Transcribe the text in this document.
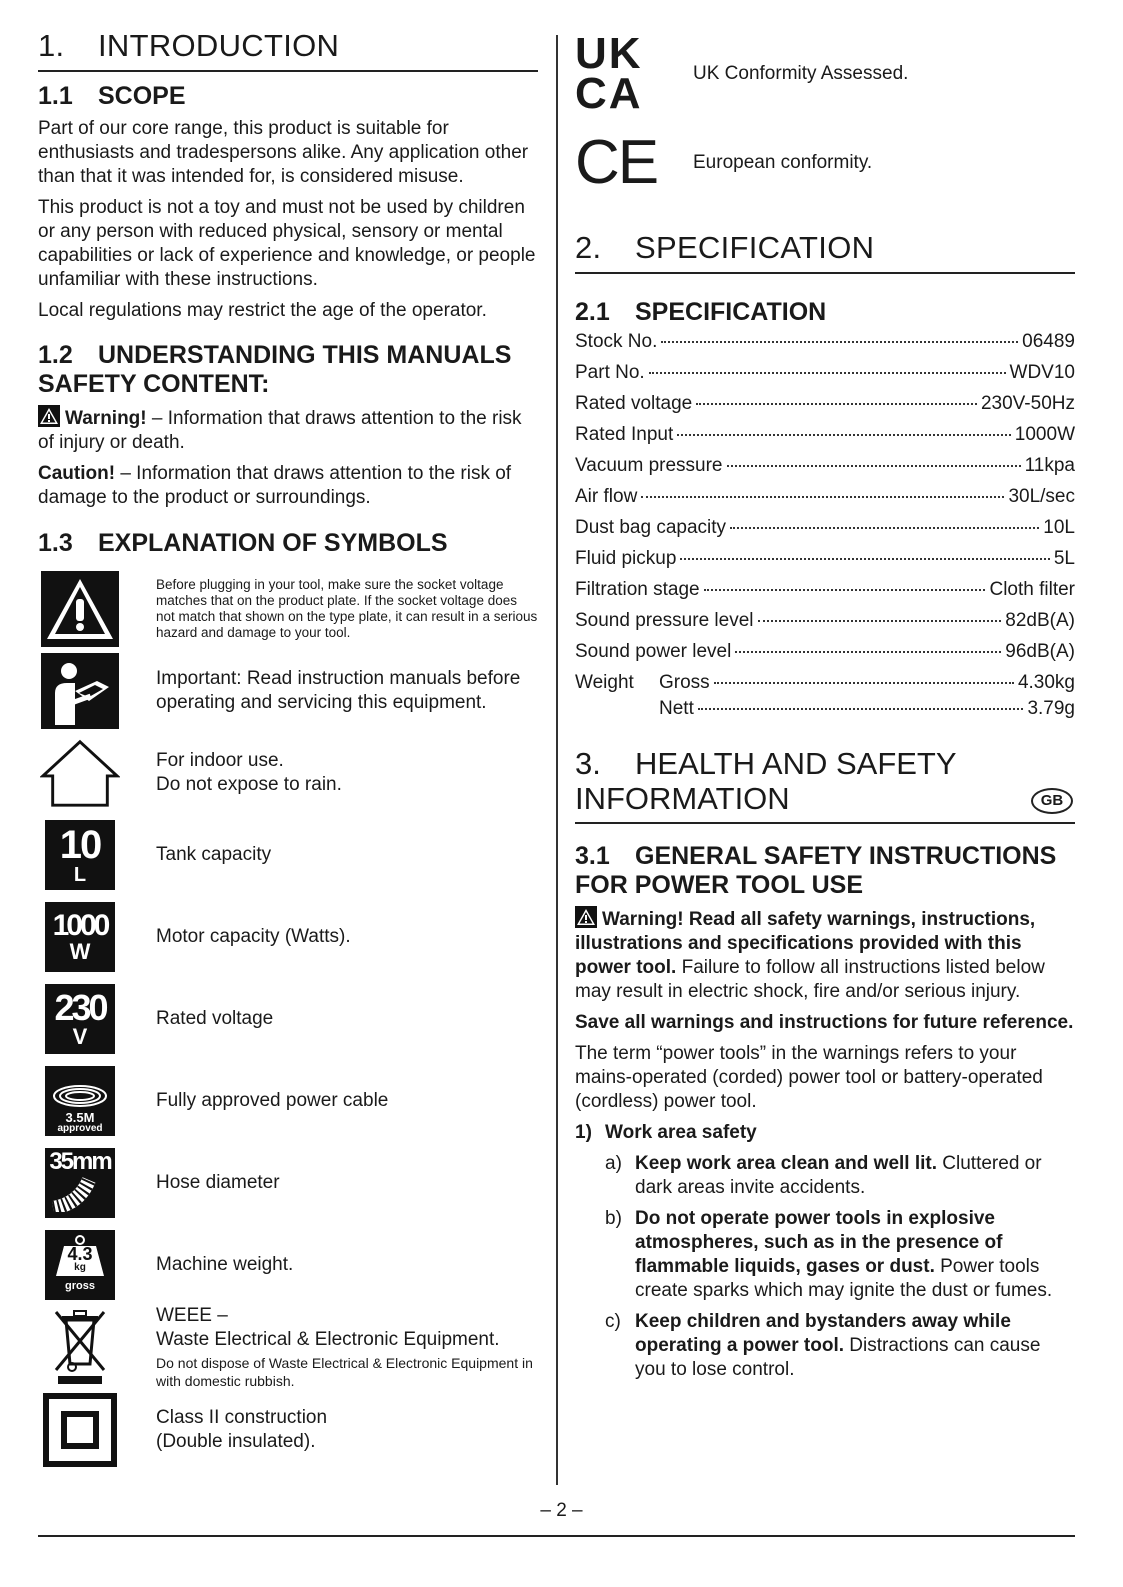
1.	INTRODUCTION
1.1	SCOPE

Part of our core range, this product is suitable for enthusiasts and tradespersons alike. Any application other than that it was intended for, is considered misuse.

This product is not a toy and must not be used by children or any person with reduced physical, sensory or mental capabilities or lack of experience and knowledge, or people unfamiliar with these instructions.

Local regulations may restrict the age of the operator.

1.2	UNDERSTANDING THIS MANUALS SAFETY CONTENT:

Warning! – Information that draws attention to the risk of injury or death.

Caution! – Information that draws attention to the risk of damage to the product or surroundings.

1.3	EXPLANATION OF SYMBOLS
Before plugging in your tool, make sure the socket voltage matches that on the product plate. If the socket voltage does not match that shown on the type plate, it can result in a serious hazard and damage to your tool.
Important: Read instruction manuals before operating and servicing this equipment.
For indoor use.
Do not expose to rain.
10
L
Tank capacity
1000
W
Motor capacity (Watts).
230
V
Rated voltage
3.5M
approved
Fully approved power cable
35mm
Hose diameter
4.3
kg
gross
Machine weight.
WEEE –
Waste Electrical & Electronic Equipment.
Do not dispose of Waste Electrical & Electronic Equipment in with domestic rubbish.
Class II construction
(Double insulated).
UK
CA	UK Conformity Assessed.
CE	European conformity.
2.	SPECIFICATION
2.1	SPECIFICATION
Stock No.	06489
Part No.	WDV10
Rated voltage	230V-50Hz
Rated Input	1000W
Vacuum pressure	11kpa
Air flow	30L/sec
Dust bag capacity	10L
Fluid pickup	5L
Filtration stage	Cloth filter
Sound pressure level	82dB(A)
Sound power level	96dB(A)
Weight	Gross	4.30kg
Nett	3.79g
3.	HEALTH AND SAFETY
INFORMATION	GB
3.1	GENERAL SAFETY INSTRUCTIONS FOR POWER TOOL USE

Warning! Read all safety warnings, instructions, illustrations and specifications provided with this power tool. Failure to follow all instructions listed below may result in electric shock, fire and/or serious injury.

Save all warnings and instructions for future reference.

The term “power tools” in the warnings refers to your mains-operated (corded) power tool or battery-operated (cordless) power tool.

1) Work area safety
a) Keep work area clean and well lit. Cluttered or dark areas invite accidents.
b) Do not operate power tools in explosive atmospheres, such as in the presence of flammable liquids, gases or dust. Power tools create sparks which may ignite the dust or fumes.
c) Keep children and bystanders away while operating a power tool. Distractions can cause you to lose control.
– 2 –
